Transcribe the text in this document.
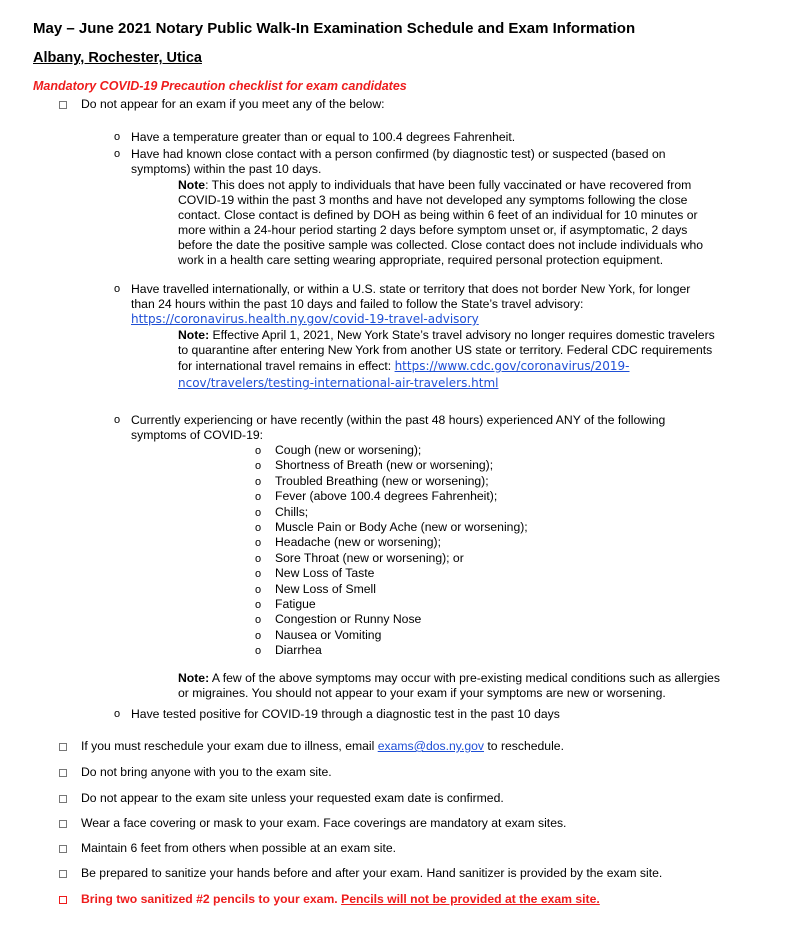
May – June 2021 Notary Public Walk-In Examination Schedule and Exam Information
Albany, Rochester, Utica
Mandatory COVID-19 Precaution checklist for exam candidates
Do not appear for an exam if you meet any of the below:
o Have a temperature greater than or equal to 100.4 degrees Fahrenheit.
o Have had known close contact with a person confirmed (by diagnostic test) or suspected (based on
symptoms) within the past 10 days.
Note: This does not apply to individuals that have been fully vaccinated or have recovered from
COVID-19 within the past 3 months and have not developed any symptoms following the close
contact. Close contact is defined by DOH as being within 6 feet of an individual for 10 minutes or
more within a 24-hour period starting 2 days before symptom unset or, if asymptomatic, 2 days
before the date the positive sample was collected. Close contact does not include individuals who
work in a health care setting wearing appropriate, required personal protection equipment.
o Have travelled internationally, or within a U.S. state or territory that does not border New York, for longer
than 24 hours within the past 10 days and failed to follow the State’s travel advisory:
https://coronavirus.health.ny.gov/covid-19-travel-advisory
Note: Effective April 1, 2021, New York State’s travel advisory no longer requires domestic travelers
to quarantine after entering New York from another US state or territory. Federal CDC requirements
for international travel remains in effect: https://www.cdc.gov/coronavirus/2019-
ncov/travelers/testing-international-air-travelers.html
o Currently experiencing or have recently (within the past 48 hours) experienced ANY of the following
symptoms of COVID-19:
o Cough (new or worsening);
o Shortness of Breath (new or worsening);
o Troubled Breathing (new or worsening);
o Fever (above 100.4 degrees Fahrenheit);
o Chills;
o Muscle Pain or Body Ache (new or worsening);
o Headache (new or worsening);
o Sore Throat (new or worsening); or
o New Loss of Taste
o New Loss of Smell
o Fatigue
o Congestion or Runny Nose
o Nausea or Vomiting
o Diarrhea
Note: A few of the above symptoms may occur with pre-existing medical conditions such as allergies
or migraines. You should not appear to your exam if your symptoms are new or worsening.
o Have tested positive for COVID-19 through a diagnostic test in the past 10 days
If you must reschedule your exam due to illness, email exams@dos.ny.gov to reschedule.
Do not bring anyone with you to the exam site.
Do not appear to the exam site unless your requested exam date is confirmed.
Wear a face covering or mask to your exam. Face coverings are mandatory at exam sites.
Maintain 6 feet from others when possible at an exam site.
Be prepared to sanitize your hands before and after your exam. Hand sanitizer is provided by the exam site.
Bring two sanitized #2 pencils to your exam. Pencils will not be provided at the exam site.
